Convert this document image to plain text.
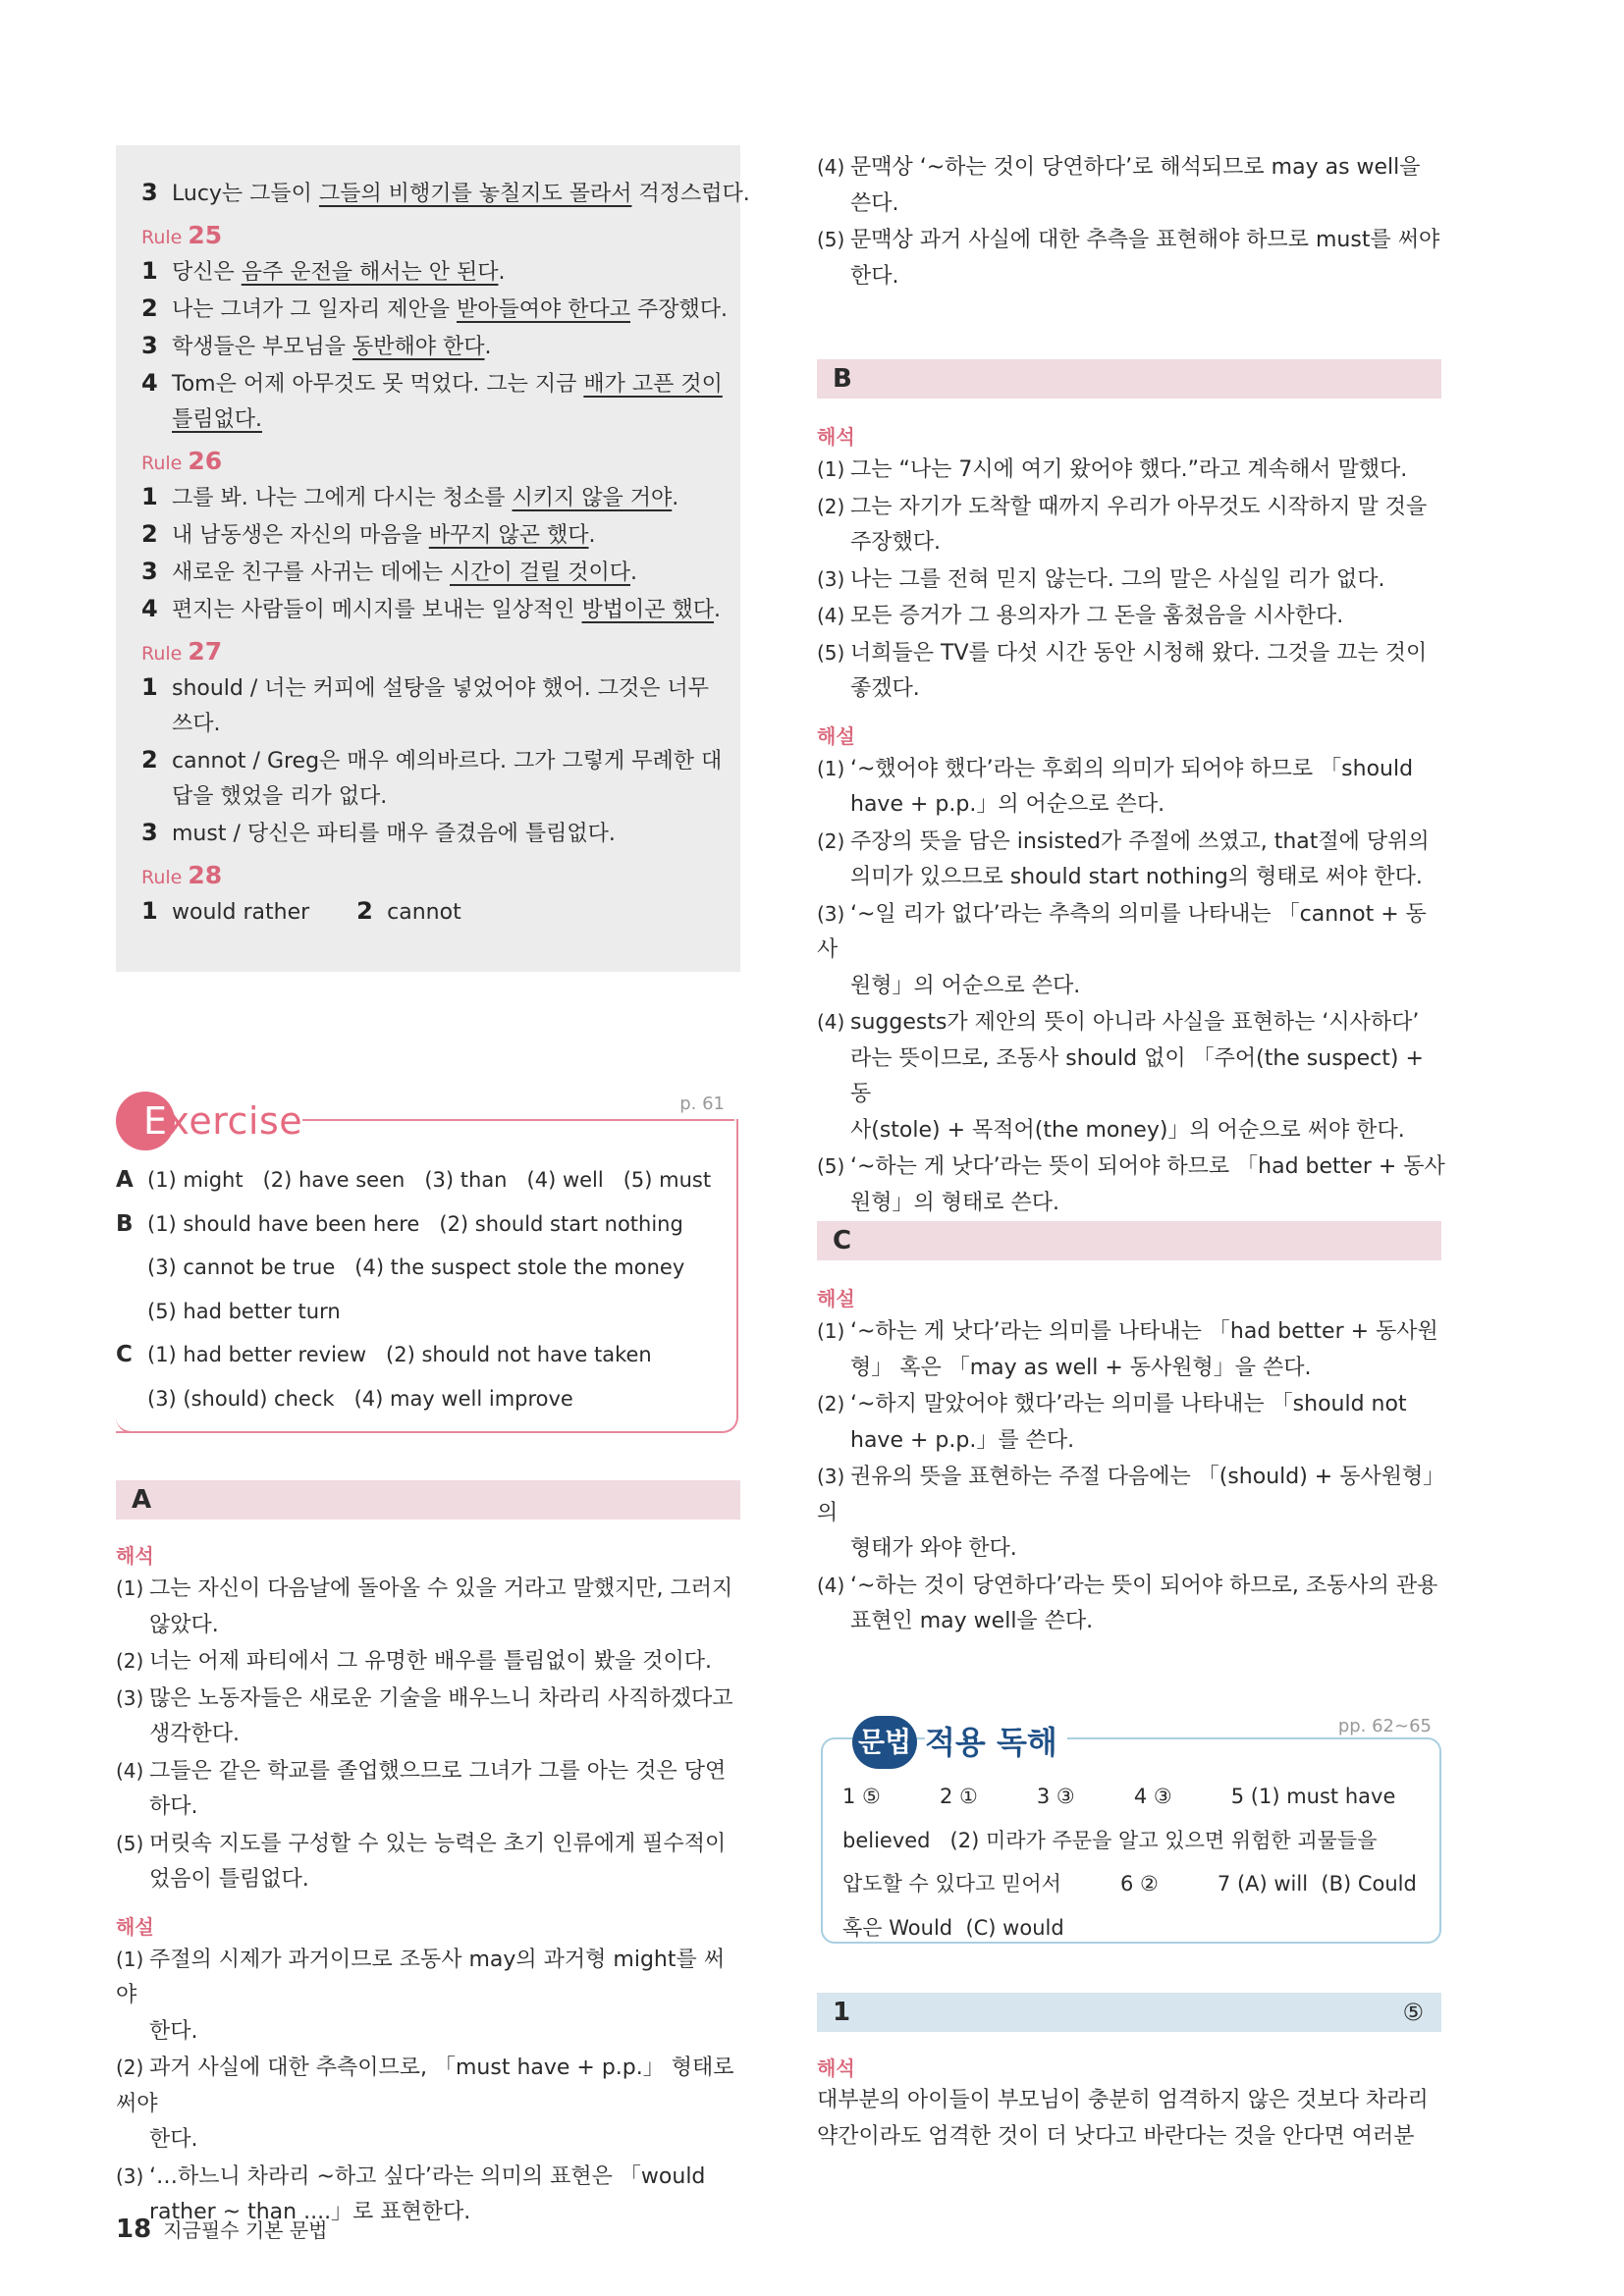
3 Lucy는 그들이 그들의 비행기를 놓칠지도 몰라서 걱정스럽다.
Rule 25
1 당신은 음주 운전을 해서는 안 된다.
2 나는 그녀가 그 일자리 제안을 받아들여야 한다고 주장했다.
3 학생들은 부모님을 동반해야 한다.
4 Tom은 어제 아무것도 못 먹었다. 그는 지금 배가 고픈 것이
틀림없다.
Rule 26
1 그를 봐. 나는 그에게 다시는 청소를 시키지 않을 거야.
2 내 남동생은 자신의 마음을 바꾸지 않곤 했다.
3 새로운 친구를 사귀는 데에는 시간이 걸릴 것이다.
4 편지는 사람들이 메시지를 보내는 일상적인 방법이곤 했다.
Rule 27
1 should / 너는 커피에 설탕을 넣었어야 했어. 그것은 너무
쓰다.
2 cannot / Greg은 매우 예의바르다. 그가 그렇게 무례한 대
답을 했었을 리가 없다.
3 must / 당신은 파티를 매우 즐겼음에 틀림없다.
Rule 28
1 would rather 2 cannot
Exercise	p. 61
A (1) might   (2) have seen   (3) than   (4) well   (5) must
B (1) should have been here   (2) should start nothing
(3) cannot be true   (4) the suspect stole the money
(5) had better turn
C (1) had better review   (2) should not have taken
(3) (should) check   (4) may well improve
A
해석
(1) 그는 자신이 다음날에 돌아올 수 있을 거라고 말했지만, 그러지
않았다.
(2) 너는 어제 파티에서 그 유명한 배우를 틀림없이 봤을 것이다.
(3) 많은 노동자들은 새로운 기술을 배우느니 차라리 사직하겠다고
생각한다.
(4) 그들은 같은 학교를 졸업했으므로 그녀가 그를 아는 것은 당연
하다.
(5) 머릿속 지도를 구성할 수 있는 능력은 초기 인류에게 필수적이
었음이 틀림없다.
해설
(1) 주절의 시제가 과거이므로 조동사 may의 과거형 might를 써야
한다.
(2) 과거 사실에 대한 추측이므로, 「must have + p.p.」 형태로 써야
한다.
(3) ‘…하느니 차라리 ~하고 싶다’라는 의미의 표현은 「would
rather ~ than ....」로 표현한다.
(4) 문맥상 ‘~하는 것이 당연하다’로 해석되므로 may as well을
쓴다.
(5) 문맥상 과거 사실에 대한 추측을 표현해야 하므로 must를 써야
한다.
B
해석
(1) 그는 “나는 7시에 여기 왔어야 했다.”라고 계속해서 말했다.
(2) 그는 자기가 도착할 때까지 우리가 아무것도 시작하지 말 것을
주장했다.
(3) 나는 그를 전혀 믿지 않는다. 그의 말은 사실일 리가 없다.
(4) 모든 증거가 그 용의자가 그 돈을 훔쳤음을 시사한다.
(5) 너희들은 TV를 다섯 시간 동안 시청해 왔다. 그것을 끄는 것이
좋겠다.
해설
(1) ‘~했어야 했다’라는 후회의 의미가 되어야 하므로 「should
have + p.p.」의 어순으로 쓴다.
(2) 주장의 뜻을 담은 insisted가 주절에 쓰였고, that절에 당위의
의미가 있으므로 should start nothing의 형태로 써야 한다.
(3) ‘~일 리가 없다’라는 추측의 의미를 나타내는 「cannot + 동사
원형」의 어순으로 쓴다.
(4) suggests가 제안의 뜻이 아니라 사실을 표현하는 ‘시사하다’
라는 뜻이므로, 조동사 should 없이 「주어(the suspect) + 동
사(stole) + 목적어(the money)」의 어순으로 써야 한다.
(5) ‘~하는 게 낫다’라는 뜻이 되어야 하므로 「had better + 동사
원형」의 형태로 쓴다.
C
해설
(1) ‘~하는 게 낫다’라는 의미를 나타내는 「had better + 동사원
형」 혹은 「may as well + 동사원형」을 쓴다.
(2) ‘~하지 말았어야 했다’라는 의미를 나타내는 「should not
have + p.p.」를 쓴다.
(3) 권유의 뜻을 표현하는 주절 다음에는 「(should) + 동사원형」의
형태가 와야 한다.
(4) ‘~하는 것이 당연하다’라는 뜻이 되어야 하므로, 조동사의 관용
표현인 may well을 쓴다.
문법 적용 독해	pp. 62~65
1 ⑤         2 ①         3 ③         4 ③         5 (1) must have
believed   (2) 미라가 주문을 알고 있으면 위험한 괴물들을
압도할 수 있다고 믿어서         6 ②         7 (A) will  (B) Could
혹은 Would  (C) would
1	⑤
해석
대부분의 아이들이 부모님이 충분히 엄격하지 않은 것보다 차라리
약간이라도 엄격한 것이 더 낫다고 바란다는 것을 안다면 여러분
18 지금필수 기본 문법
